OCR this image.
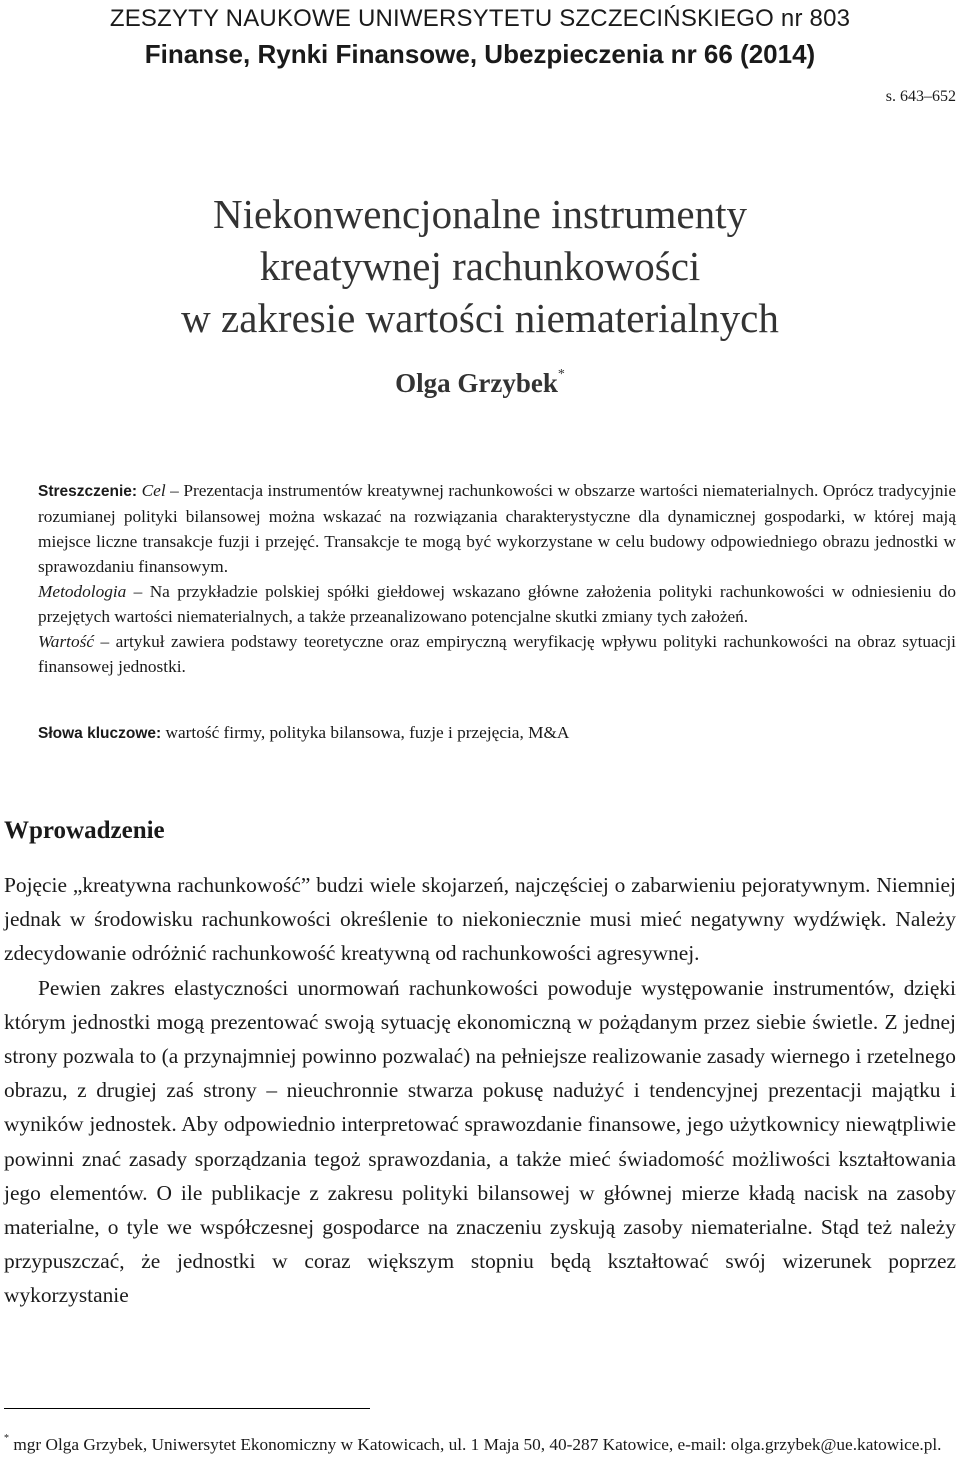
ZESZYTY NAUKOWE UNIWERSYTETU SZCZECIŃSKIEGO nr 803
Finanse, Rynki Finansowe, Ubezpieczenia nr 66 (2014)
s. 643–652
Niekonwencjonalne instrumenty
kreatywnej rachunkowości
w zakresie wartości niematerialnych
Olga Grzybek*

Streszczenie: Cel – Prezentacja instrumentów kreatywnej rachunkowości w obszarze wartości niematerialnych. Oprócz tradycyjnie rozumianej polityki bilansowej można wskazać na rozwiązania charakterystyczne dla dynamicznej gospodarki, w której mają miejsce liczne transakcje fuzji i przejęć. Transakcje te mogą być wykorzystane w celu budowy odpowiedniego obrazu jednostki w sprawozdaniu finansowym.

Metodologia – Na przykładzie polskiej spółki giełdowej wskazano główne założenia polityki rachunkowości w odniesieniu do przejętych wartości niematerialnych, a także przeanalizowano potencjalne skutki zmiany tych założeń.

Wartość – artykuł zawiera podstawy teoretyczne oraz empiryczną weryfikację wpływu polityki rachunkowości na obraz sytuacji finansowej jednostki.

Słowa kluczowe: wartość firmy, polityka bilansowa, fuzje i przejęcia, M&A
Wprowadzenie

Pojęcie „kreatywna rachunkowość” budzi wiele skojarzeń, najczęściej o zabarwieniu pejoratywnym. Niemniej jednak w środowisku rachunkowości określenie to niekoniecznie musi mieć negatywny wydźwięk. Należy zdecydowanie odróżnić rachunkowość kreatywną od rachunkowości agresywnej.

Pewien zakres elastyczności unormowań rachunkowości powoduje występowanie instrumentów, dzięki którym jednostki mogą prezentować swoją sytuację ekonomiczną w pożądanym przez siebie świetle. Z jednej strony pozwala to (a przynajmniej powinno pozwalać) na pełniejsze realizowanie zasady wiernego i rzetelnego obrazu, z drugiej zaś strony – nieuchronnie stwarza pokusę nadużyć i tendencyjnej prezentacji majątku i wyników jednostek. Aby odpowiednio interpretować sprawozdanie finansowe, jego użytkownicy niewątpliwie powinni znać zasady sporządzania tegoż sprawozdania, a także mieć świadomość możliwości kształtowania jego elementów. O ile publikacje z zakresu polityki bilansowej w głównej mierze kładą nacisk na zasoby materialne, o tyle we współczesnej gospodarce na znaczeniu zyskują zasoby niematerialne. Stąd też należy przypuszczać, że jednostki w coraz większym stopniu będą kształtować swój wizerunek poprzez wykorzystanie

* mgr Olga Grzybek, Uniwersytet Ekonomiczny w Katowicach, ul. 1 Maja 50, 40-287 Katowice, e-mail: olga.grzybek@ue.katowice.pl.
